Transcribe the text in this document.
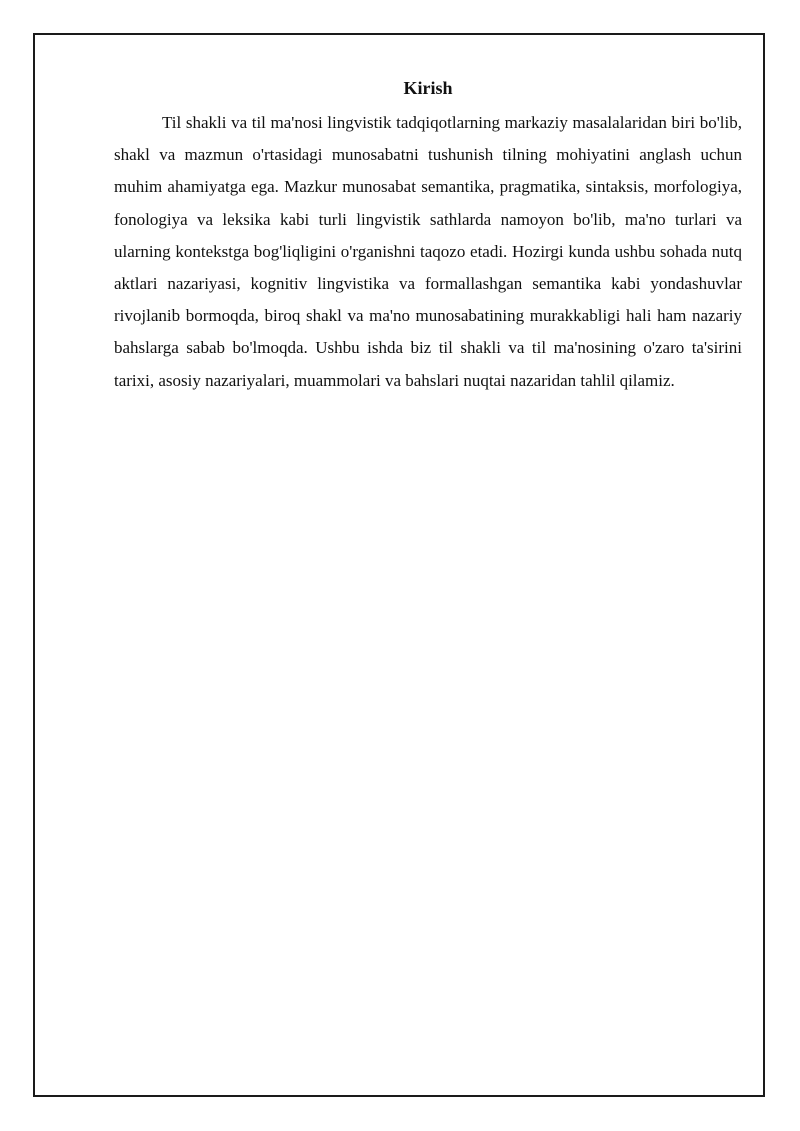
Kirish

Til shakli va til ma'nosi lingvistik tadqiqotlarning markaziy masalalaridan biri bo'lib, shakl va mazmun o'rtasidagi munosabatni tushunish tilning mohiyatini anglash uchun muhim ahamiyatga ega. Mazkur munosabat semantika, pragmatika, sintaksis, morfologiya, fonologiya va leksika kabi turli lingvistik sathlarda namoyon bo'lib, ma'no turlari va ularning kontekstga bog'liqligini o'rganishni taqozo etadi. Hozirgi kunda ushbu sohada nutq aktlari nazariyasi, kognitiv lingvistika va formallashgan semantika kabi yondashuvlar rivojlanib bormoqda, biroq shakl va ma'no munosabatining murakkabligi hali ham nazariy bahslarga sabab bo'lmoqda. Ushbu ishda biz til shakli va til ma'nosining o'zaro ta'sirini tarixi, asosiy nazariyalari, muammolari va bahslari nuqtai nazaridan tahlil qilamiz.
